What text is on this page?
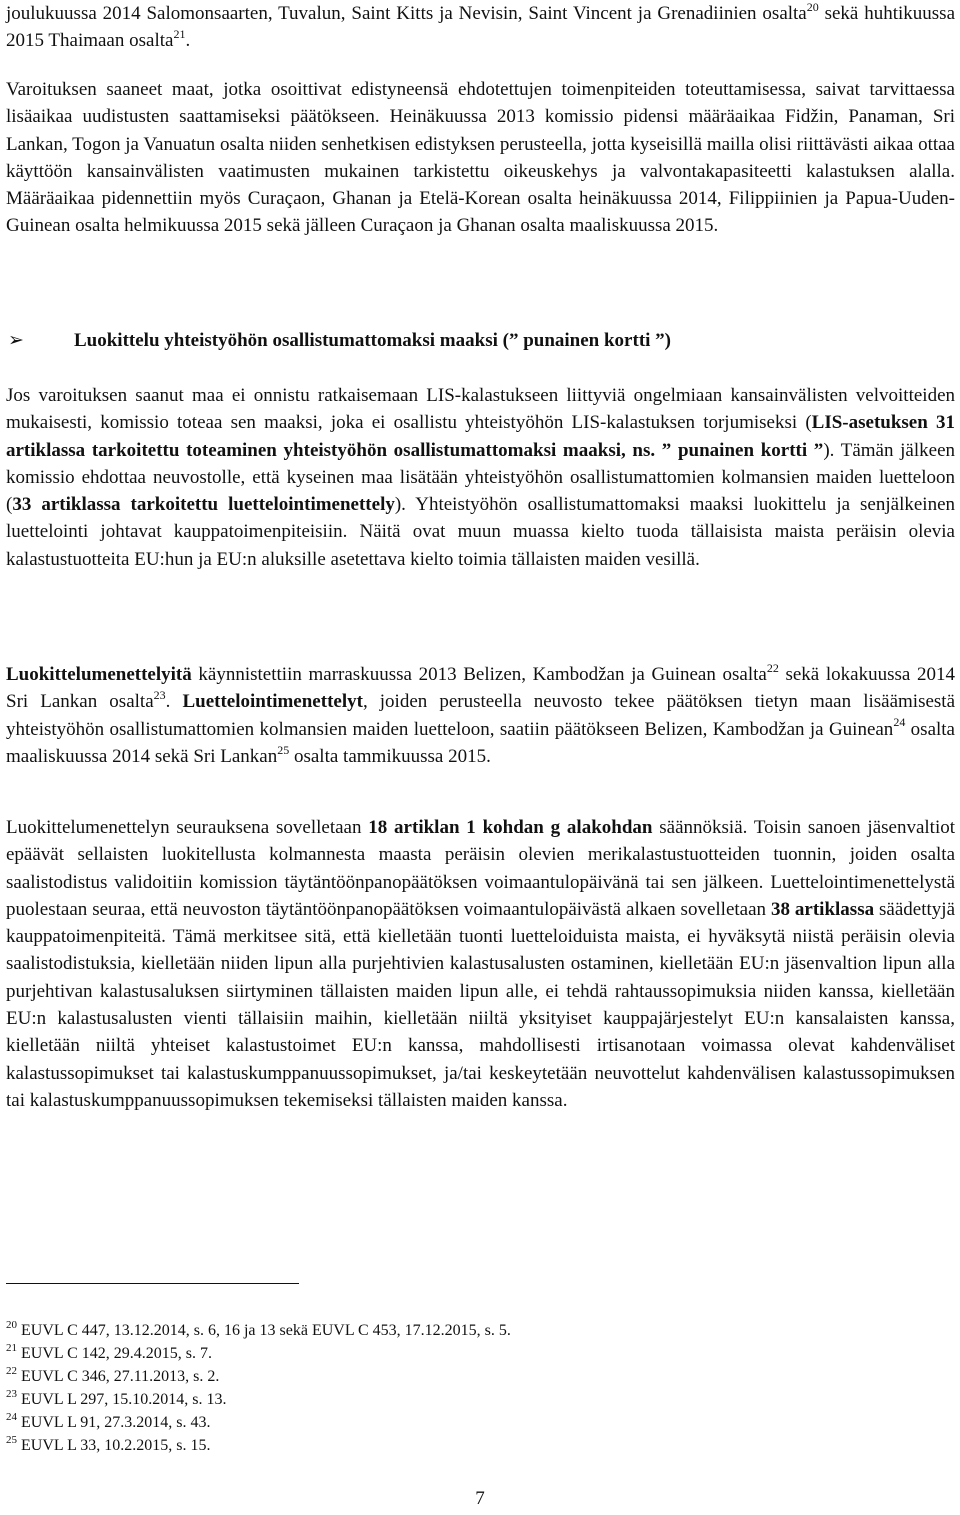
joulukuussa 2014 Salomonsaarten, Tuvalun, Saint Kitts ja Nevisin, Saint Vincent ja Grenadiinien osalta$^{20}$ sekä huhtikuussa 2015 Thaimaan osalta$^{21}$.

Varoituksen saaneet maat, jotka osoittivat edistyneensä ehdotettujen toimenpiteiden toteuttamisessa, saivat tarvittaessa lisäaikaa uudistusten saattamiseksi päätökseen. Heinäkuussa 2013 komissio pidensi määräaikaa Fidžin, Panaman, Sri Lankan, Togon ja Vanuatun osalta niiden senhetkisen edistyksen perusteella, jotta kyseisillä mailla olisi riittävästi aikaa ottaa käyttöön kansainvälisten vaatimusten mukainen tarkistettu oikeuskehys ja valvontakapasiteetti kalastuksen alalla. Määräaikaa pidennettiin myös Curaçaon, Ghanan ja Etelä-Korean osalta heinäkuussa 2014, Filippiinien ja Papua-Uuden-Guinean osalta helmikuussa 2015 sekä jälleen Curaçaon ja Ghanan osalta maaliskuussa 2015.

➢	Luokittelu yhteistyöhön osallistumattomaksi maaksi (” punainen kortti ”)

Jos varoituksen saanut maa ei onnistu ratkaisemaan LIS-kalastukseen liittyviä ongelmiaan kansainvälisten velvoitteiden mukaisesti, komissio toteaa sen maaksi, joka ei osallistu yhteistyöhön LIS-kalastuksen torjumiseksi (LIS-asetuksen 31 artiklassa tarkoitettu toteaminen yhteistyöhön osallistumattomaksi maaksi, ns. ” punainen kortti ”). Tämän jälkeen komissio ehdottaa neuvostolle, että kyseinen maa lisätään yhteistyöhön osallistumattomien kolmansien maiden luetteloon (33 artiklassa tarkoitettu luettelointimenettely). Yhteistyöhön osallistumattomaksi maaksi luokittelu ja senjälkeinen luettelointi johtavat kauppatoimenpiteisiin. Näitä ovat muun muassa kielto tuoda tällaisista maista peräisin olevia kalastustuotteita EU:hun ja EU:n aluksille asetettava kielto toimia tällaisten maiden vesillä.

Luokittelumenettelyitä käynnistettiin marraskuussa 2013 Belizen, Kambodžan ja Guinean osalta$^{22}$ sekä lokakuussa 2014 Sri Lankan osalta$^{23}$. Luettelointimenettelyt, joiden perusteella neuvosto tekee päätöksen tietyn maan lisäämisestä yhteistyöhön osallistumattomien kolmansien maiden luetteloon, saatiin päätökseen Belizen, Kambodžan ja Guinean$^{24}$ osalta maaliskuussa 2014 sekä Sri Lankan$^{25}$ osalta tammikuussa 2015.

Luokittelumenettelyn seurauksena sovelletaan 18 artiklan 1 kohdan g alakohdan säännöksiä. Toisin sanoen jäsenvaltiot epäävät sellaisten luokitellusta kolmannesta maasta peräisin olevien merikalastustuotteiden tuonnin, joiden osalta saalistodistus validoitiin komission täytäntöönpanopäätöksen voimaantulopäivänä tai sen jälkeen. Luettelointimenettelystä puolestaan seuraa, että neuvoston täytäntöönpanopäätöksen voimaantulopäivästä alkaen sovelletaan 38 artiklassa säädettyjä kauppatoimenpiteitä. Tämä merkitsee sitä, että kielletään tuonti luetteloiduista maista, ei hyväksytä niistä peräisin olevia saalistodistuksia, kielletään niiden lipun alla purjehtivien kalastusalusten ostaminen, kielletään EU:n jäsenvaltion lipun alla purjehtivan kalastusaluksen siirtyminen tällaisten maiden lipun alle, ei tehdä rahtaussopimuksia niiden kanssa, kielletään EU:n kalastusalusten vienti tällaisiin maihin, kielletään niiltä yksityiset kauppajärjestelyt EU:n kansalaisten kanssa, kielletään niiltä yhteiset kalastustoimet EU:n kanssa, mahdollisesti irtisanotaan voimassa olevat kahdenväliset kalastussopimukset tai kalastuskumppanuussopimukset, ja/tai keskeytetään neuvottelut kahdenvälisen kalastussopimuksen tai kalastuskumppanuussopimuksen tekemiseksi tällaisten maiden kanssa.

$^{20}$ EUVL C 447, 13.12.2014, s. 6, 16 ja 13 sekä EUVL C 453, 17.12.2015, s. 5.
$^{21}$ EUVL C 142, 29.4.2015, s. 7.
$^{22}$ EUVL C 346, 27.11.2013, s. 2.
$^{23}$ EUVL L 297, 15.10.2014, s. 13.
$^{24}$ EUVL L 91, 27.3.2014, s. 43.
$^{25}$ EUVL L 33, 10.2.2015, s. 15.
7
